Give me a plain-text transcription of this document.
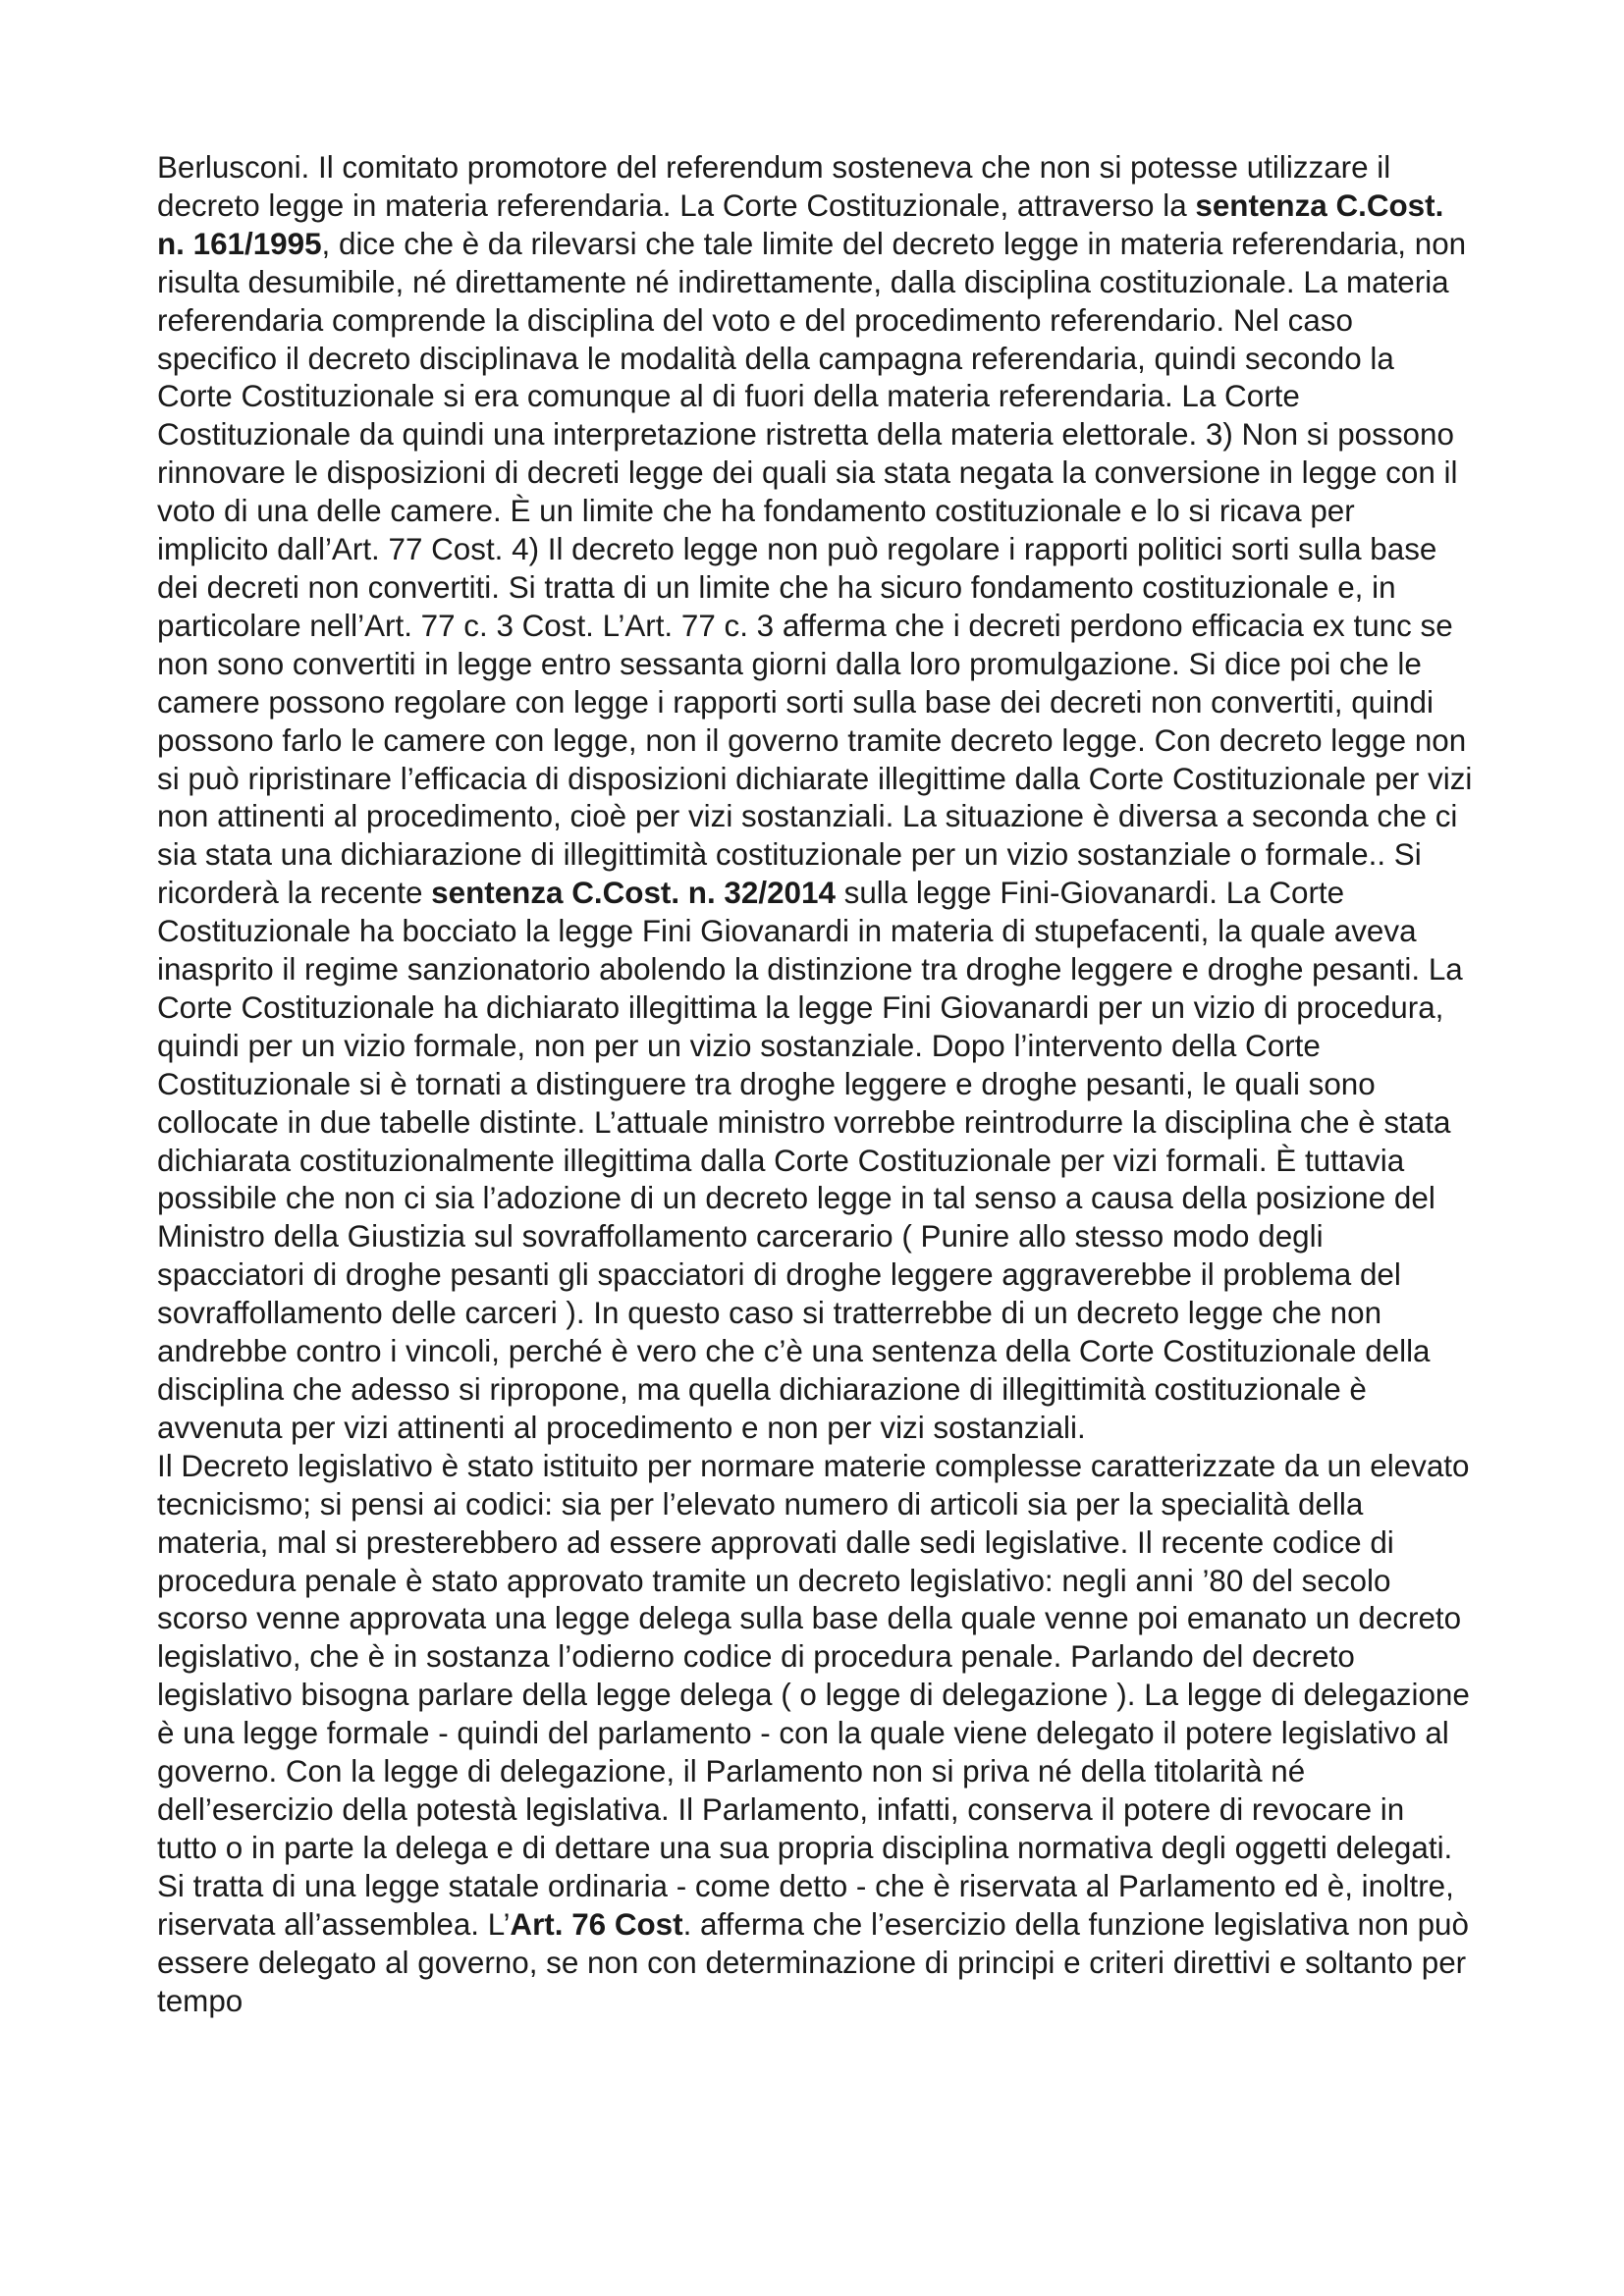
Berlusconi. Il comitato promotore del referendum sosteneva che non si potesse utilizzare il decreto legge in materia referendaria. La Corte Costituzionale, attraverso la sentenza C.Cost. n. 161/1995, dice che è da rilevarsi che tale limite del decreto legge in materia referendaria, non risulta desumibile, né direttamente né indirettamente, dalla disciplina costituzionale. La materia referendaria comprende la disciplina del voto e del procedimento referendario. Nel caso specifico il decreto disciplinava le modalità della campagna referendaria, quindi secondo la Corte Costituzionale si era comunque al di fuori della materia referendaria. La Corte Costituzionale da quindi una interpretazione ristretta della materia elettorale. 3) Non si possono rinnovare le disposizioni di decreti legge dei quali sia stata negata la conversione in legge con il voto di una delle camere. È un limite che ha fondamento costituzionale e lo si ricava per implicito dall’Art. 77 Cost. 4) Il decreto legge non può regolare i rapporti politici sorti sulla base dei decreti non convertiti. Si tratta di un limite che ha sicuro fondamento costituzionale e, in particolare nell’Art. 77 c. 3 Cost. L’Art. 77 c. 3 afferma che i decreti perdono efficacia ex tunc se non sono convertiti in legge entro sessanta giorni dalla loro promulgazione. Si dice poi che le camere possono regolare con legge i rapporti sorti sulla base dei decreti non convertiti, quindi possono farlo le camere con legge, non il governo tramite decreto legge. Con decreto legge non si può ripristinare l’efficacia di disposizioni dichiarate illegittime dalla Corte Costituzionale per vizi non attinenti al procedimento, cioè per vizi sostanziali. La situazione è diversa a seconda che ci sia stata una dichiarazione di illegittimità costituzionale per un vizio sostanziale o formale.. Si ricorderà la recente sentenza C.Cost. n. 32/2014 sulla legge Fini-Giovanardi. La Corte Costituzionale ha bocciato la legge Fini Giovanardi in materia di stupefacenti, la quale aveva inasprito il regime sanzionatorio abolendo la distinzione tra droghe leggere e droghe pesanti. La Corte Costituzionale ha dichiarato illegittima la legge Fini Giovanardi per un vizio di procedura, quindi per un vizio formale, non per un vizio sostanziale. Dopo l’intervento della Corte Costituzionale si è tornati a distinguere tra droghe leggere e droghe pesanti, le quali sono collocate in due tabelle distinte. L’attuale ministro vorrebbe reintrodurre la disciplina che è stata dichiarata costituzionalmente illegittima dalla Corte Costituzionale per vizi formali. È tuttavia possibile che non ci sia l’adozione di un decreto legge in tal senso a causa della posizione del Ministro della Giustizia sul sovraffollamento carcerario ( Punire allo stesso modo degli spacciatori di droghe pesanti gli spacciatori di droghe leggere aggraverebbe il problema del sovraffollamento delle carceri ). In questo caso si tratterrebbe di un decreto legge che non andrebbe contro i vincoli, perché è vero che c’è una sentenza della Corte Costituzionale della disciplina che adesso si ripropone, ma quella dichiarazione di illegittimità costituzionale è avvenuta per vizi attinenti al procedimento e non per vizi sostanziali.

Il Decreto legislativo è stato istituito per normare materie complesse caratterizzate da un elevato tecnicismo; si pensi ai codici: sia per l’elevato numero di articoli sia per la specialità della materia, mal si presterebbero ad essere approvati dalle sedi legislative. Il recente codice di procedura penale è stato approvato tramite un decreto legislativo: negli anni ’80 del secolo scorso venne approvata una legge delega sulla base della quale venne poi emanato un decreto legislativo, che è in sostanza l’odierno codice di procedura penale. Parlando del decreto legislativo bisogna parlare della legge delega ( o legge di delegazione ). La legge di delegazione è una legge formale - quindi del parlamento - con la quale viene delegato il potere legislativo al governo. Con la legge di delegazione, il Parlamento non si priva né della titolarità né dell’esercizio della potestà legislativa. Il Parlamento, infatti, conserva il potere di revocare in tutto o in parte la delega e di dettare una sua propria disciplina normativa degli oggetti delegati. Si tratta di una legge statale ordinaria - come detto - che è riservata al Parlamento ed è, inoltre, riservata all’assemblea. L’Art. 76 Cost. afferma che l’esercizio della funzione legislativa non può essere delegato al governo, se non con determinazione di principi e criteri direttivi e soltanto per tempo
